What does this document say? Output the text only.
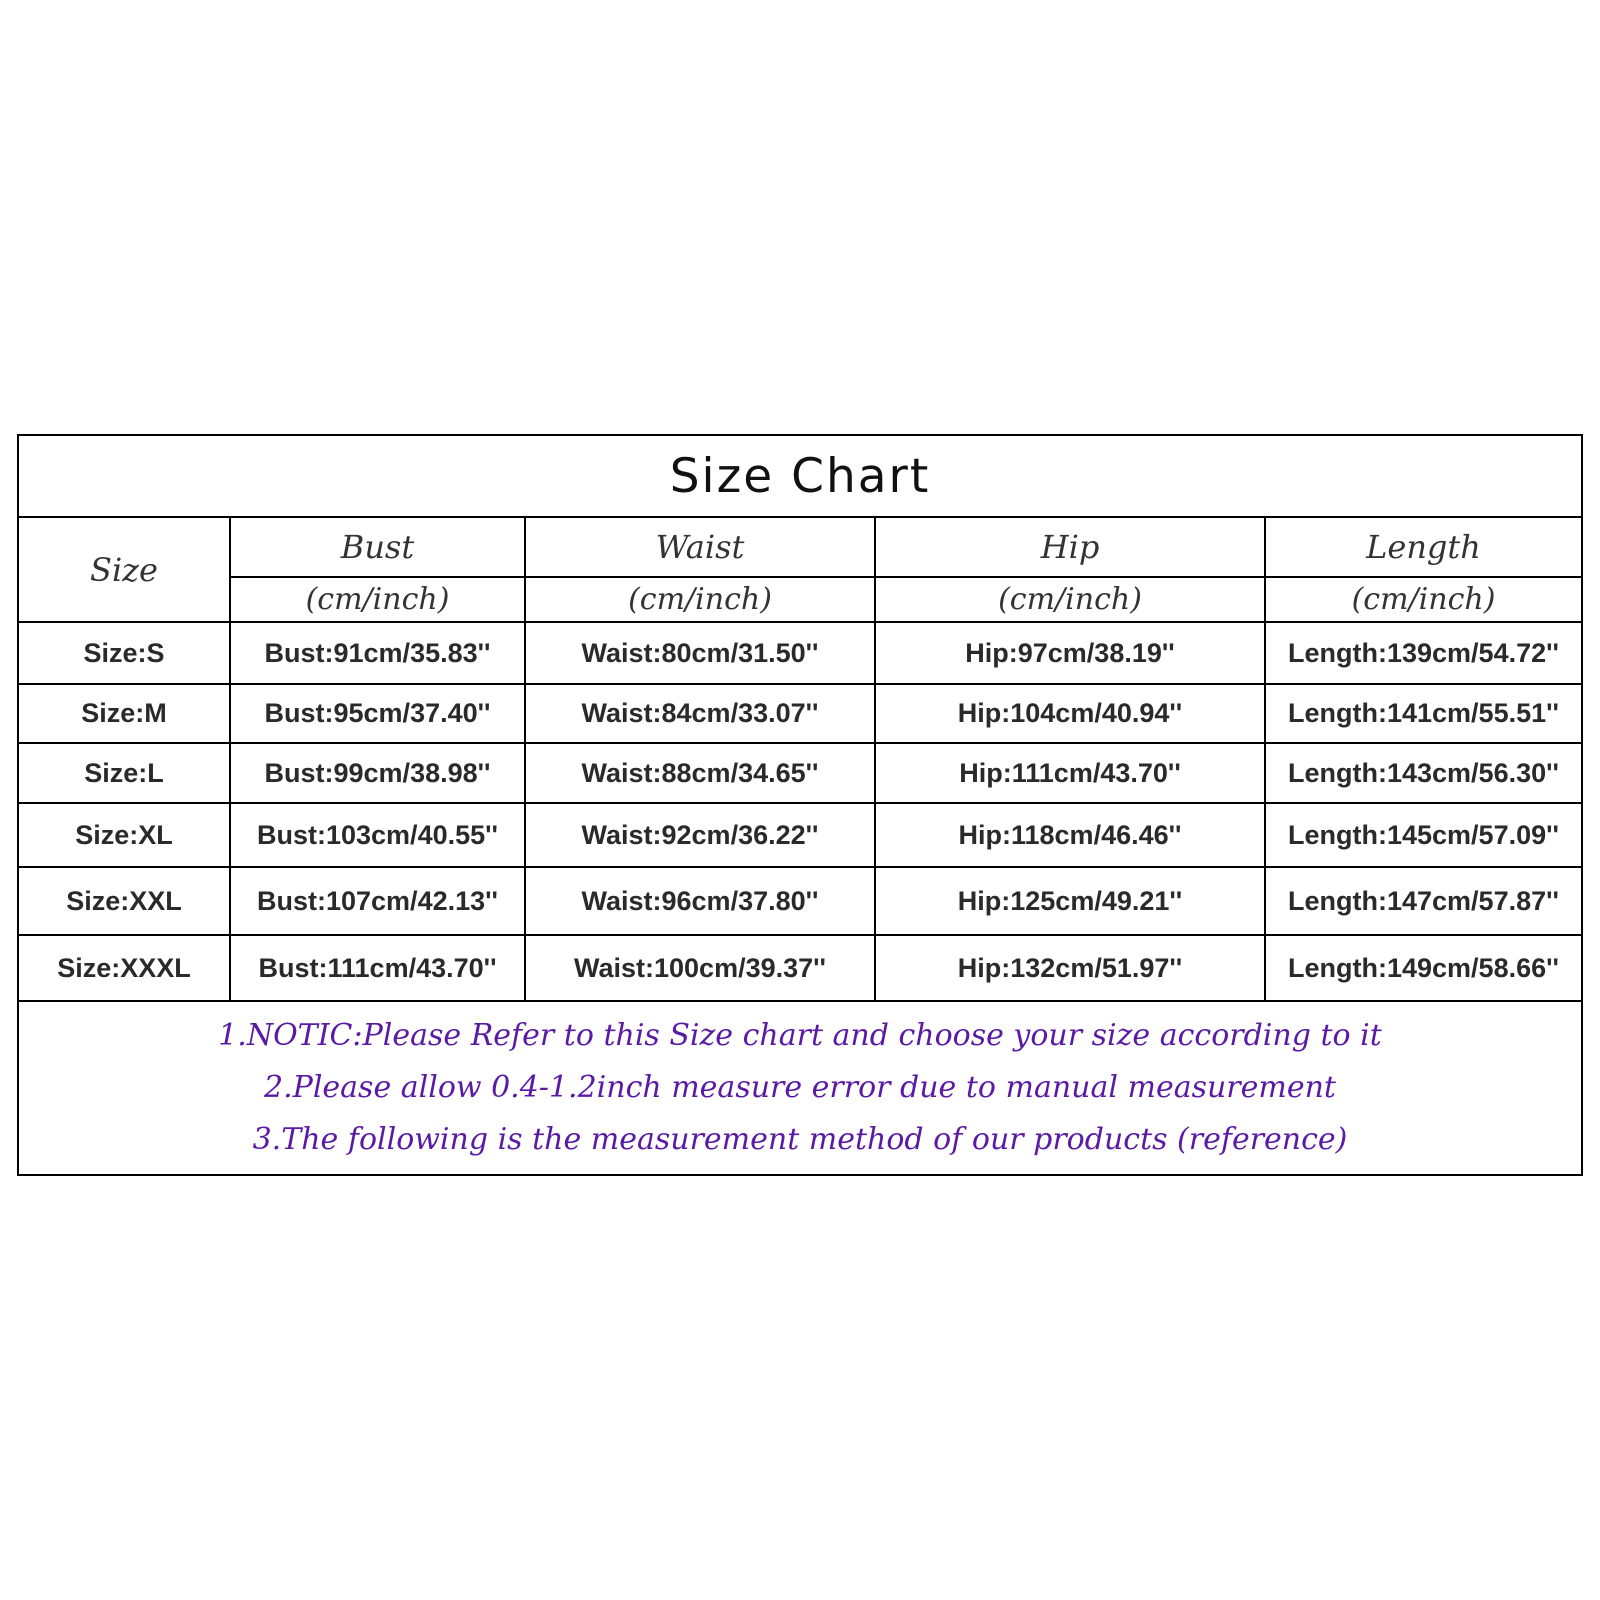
Size Chart
Size	Bust	Waist	Hip	Length
	(cm/inch)	(cm/inch)	(cm/inch)	(cm/inch)
Size:S	Bust:91cm/35.83''	Waist:80cm/31.50''	Hip:97cm/38.19''	Length:139cm/54.72''
Size:M	Bust:95cm/37.40''	Waist:84cm/33.07''	Hip:104cm/40.94''	Length:141cm/55.51''
Size:L	Bust:99cm/38.98''	Waist:88cm/34.65''	Hip:111cm/43.70''	Length:143cm/56.30''
Size:XL	Bust:103cm/40.55''	Waist:92cm/36.22''	Hip:118cm/46.46''	Length:145cm/57.09''
Size:XXL	Bust:107cm/42.13''	Waist:96cm/37.80''	Hip:125cm/49.21''	Length:147cm/57.87''
Size:XXXL	Bust:111cm/43.70''	Waist:100cm/39.37''	Hip:132cm/51.97''	Length:149cm/58.66''
1.NOTIC:Please Refer to this Size chart and choose your size according to it
2.Please allow 0.4-1.2inch measure error due to manual measurement
3.The following is the measurement method of our products (reference)
